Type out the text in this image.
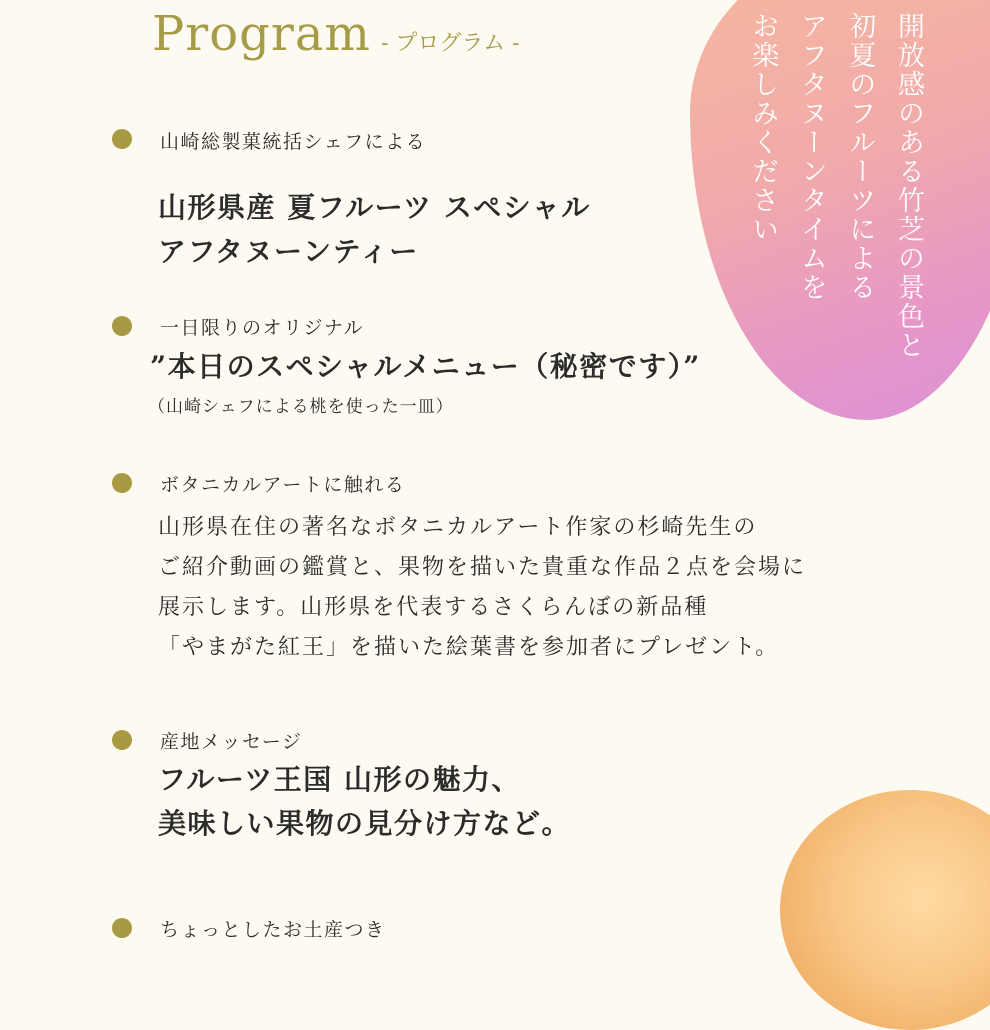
開放感のある竹芝の景色と
初夏のフルーツによる
アフタヌーンタイムを
お楽しみください
Program - プログラム -
山崎総製菓統括シェフによる
山形県産 夏フルーツ スペシャル
アフタヌーンティー
一日限りのオリジナル
”本日のスペシャルメニュー（秘密です）”
（山崎シェフによる桃を使った一皿）
ボタニカルアートに触れる
山形県在住の著名なボタニカルアート作家の杉崎先生の
ご紹介動画の鑑賞と、果物を描いた貴重な作品２点を会場に
展示します。山形県を代表するさくらんぼの新品種
「やまがた紅王」を描いた絵葉書を参加者にプレゼント。
産地メッセージ
フルーツ王国 山形の魅力、
美味しい果物の見分け方など。
ちょっとしたお土産つき
